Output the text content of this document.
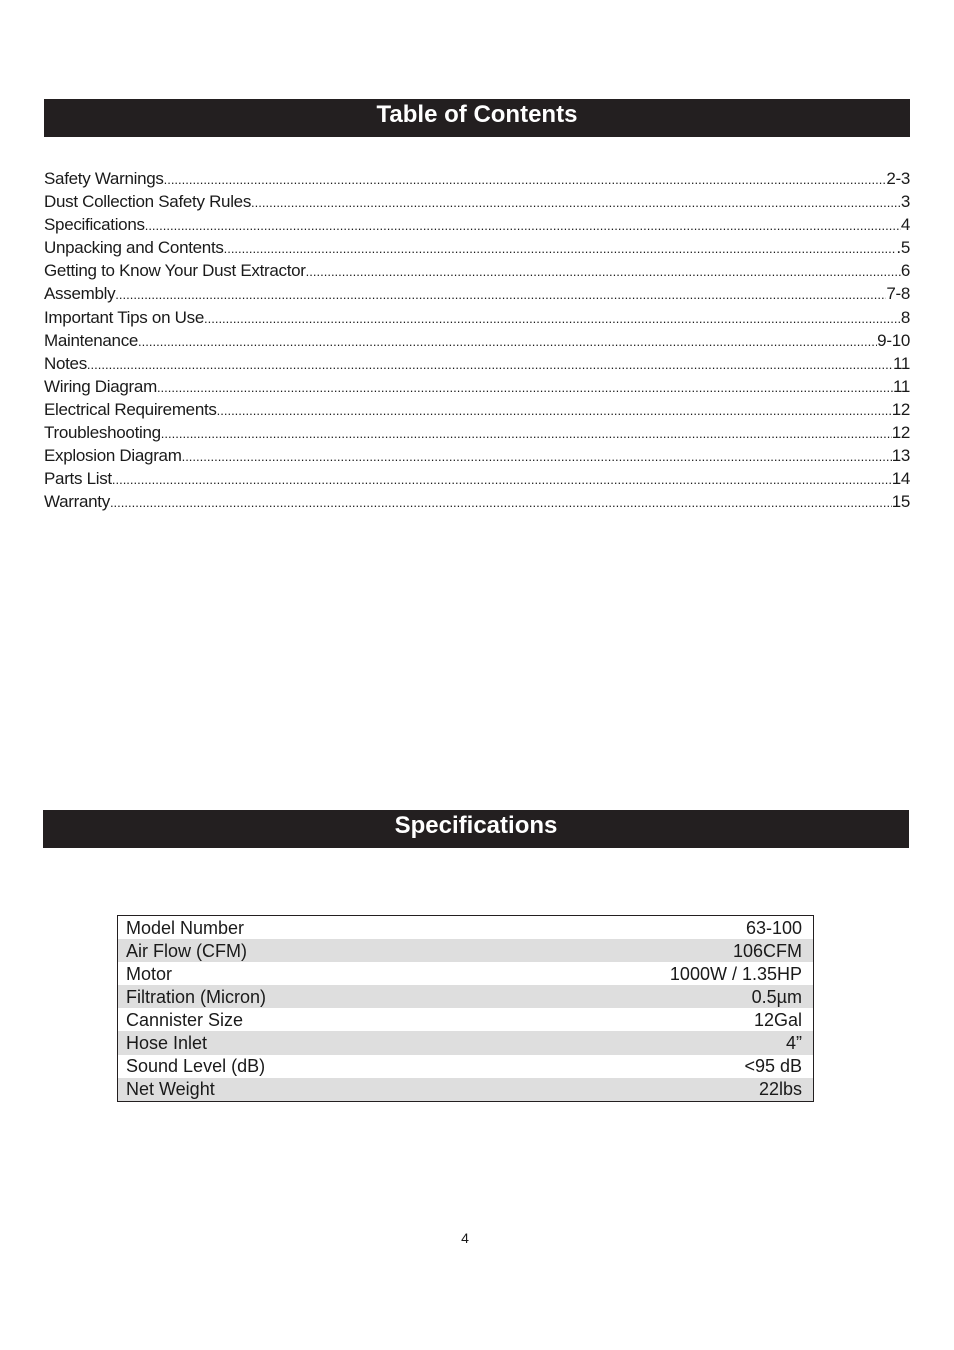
Table of Contents
Safety Warnings .....	2-3
Dust Collection Safety Rules .....	3
Specifications .....	4
Unpacking and Contents .....	.5
Getting to Know Your Dust Extractor .....	6
Assembly .....	7-8
Important Tips on Use .....	8
Maintenance .....	9-10
Notes .....	11
Wiring Diagram .....	11
Electrical Requirements .....	12
Troubleshooting .....	12
Explosion Diagram .....	13
Parts List .....	14
Warranty .....	15
Specifications
Model Number	63-100
Air Flow (CFM)	106CFM
Motor	1000W / 1.35HP
Filtration (Micron)	0.5µm
Cannister Size	12Gal
Hose Inlet	4”
Sound Level (dB)	<95 dB
Net Weight	22lbs
4
